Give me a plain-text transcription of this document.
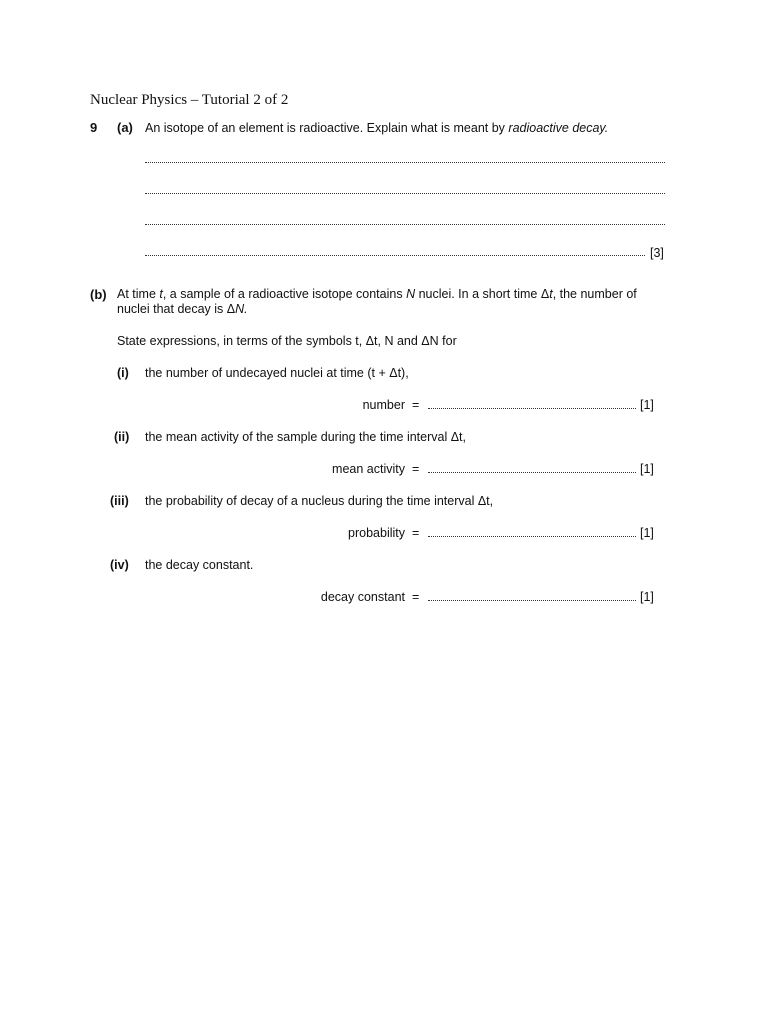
Nuclear Physics – Tutorial 2 of 2
9 (a) An isotope of an element is radioactive. Explain what is meant by radioactive decay.
[3]
(b) At time t, a sample of a radioactive isotope contains N nuclei. In a short time Δt, the number of
nuclei that decay is ΔN.
State expressions, in terms of the symbols t, Δt, N and ΔN for
(i) the number of undecayed nuclei at time (t + Δt),
number =	[1]
(ii) the mean activity of the sample during the time interval Δt,
mean activity =	[1]
(iii) the probability of decay of a nucleus during the time interval Δt,
probability =	[1]
(iv) the decay constant.
decay constant =	[1]
